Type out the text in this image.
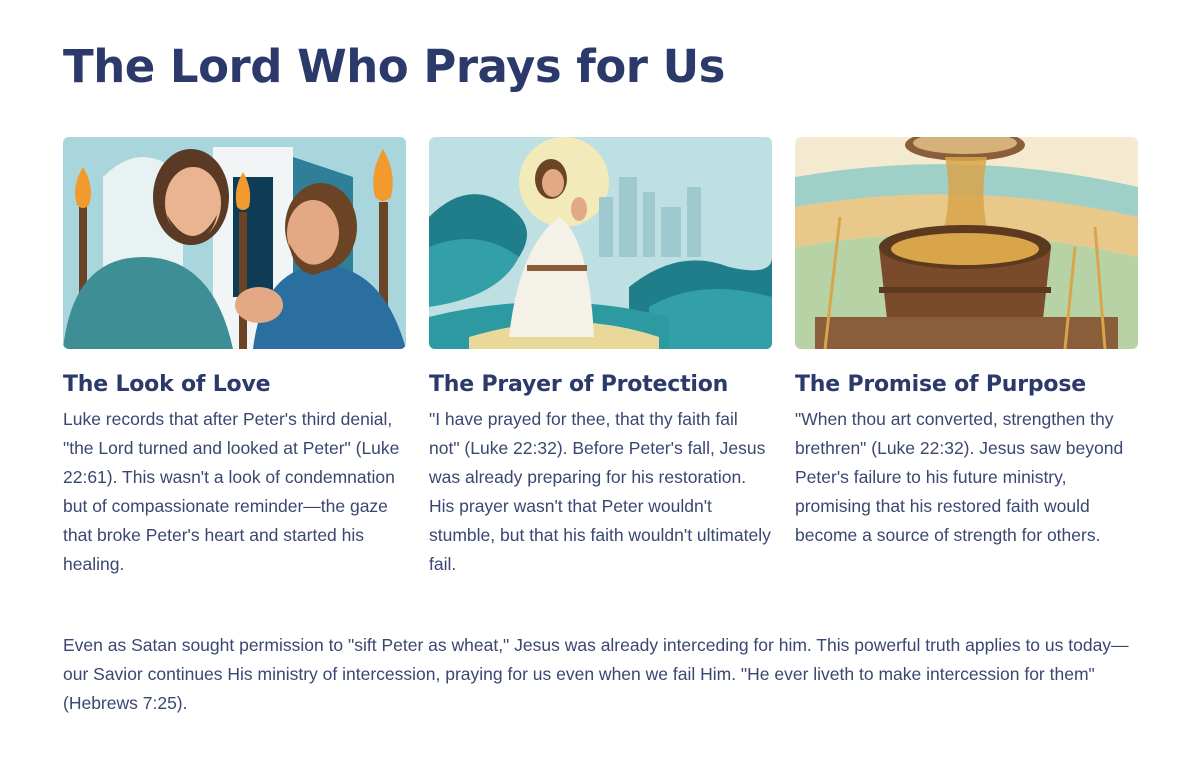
The Lord Who Prays for Us
The Look of Love

Luke records that after Peter's third denial, "the Lord turned and looked at Peter" (Luke 22:61). This wasn't a look of condemnation but of compassionate reminder—the gaze that broke Peter's heart and started his healing.

The Prayer of Protection

"I have prayed for thee, that thy faith fail not" (Luke 22:32). Before Peter's fall, Jesus was already preparing for his restoration. His prayer wasn't that Peter wouldn't stumble, but that his faith wouldn't ultimately fail.

The Promise of Purpose

"When thou art converted, strengthen thy brethren" (Luke 22:32). Jesus saw beyond Peter's failure to his future ministry, promising that his restored faith would become a source of strength for others.

Even as Satan sought permission to "sift Peter as wheat," Jesus was already interceding for him. This powerful truth applies to us today—our Savior continues His ministry of intercession, praying for us even when we fail Him. "He ever liveth to make intercession for them" (Hebrews 7:25).
